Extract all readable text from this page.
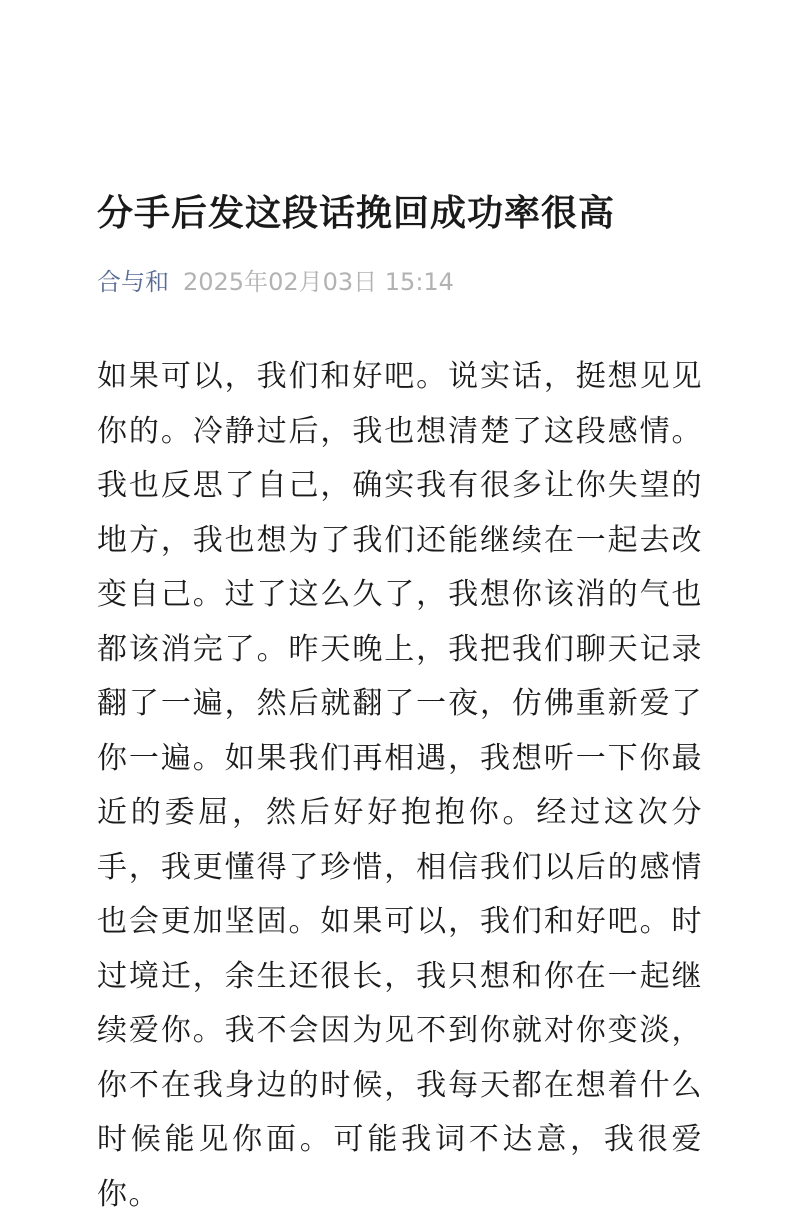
分手后发这段话挽回成功率很高
合与和 2025年02月03日 15:14
如果可以，我们和好吧。说实话，挺想见见你的。冷静过后，我也想清楚了这段感情。我也反思了自己，确实我有很多让你失望的地方，我也想为了我们还能继续在一起去改变自己。过了这么久了，我想你该消的气也都该消完了。昨天晚上，我把我们聊天记录翻了一遍，然后就翻了一夜，仿佛重新爱了你一遍。如果我们再相遇，我想听一下你最近的委屈，然后好好抱抱你。经过这次分手，我更懂得了珍惜，相信我们以后的感情也会更加坚固。如果可以，我们和好吧。时过境迁，余生还很长，我只想和你在一起继续爱你。我不会因为见不到你就对你变淡，你不在我身边的时候，我每天都在想着什么时候能见你面。可能我词不达意，我很爱你。
